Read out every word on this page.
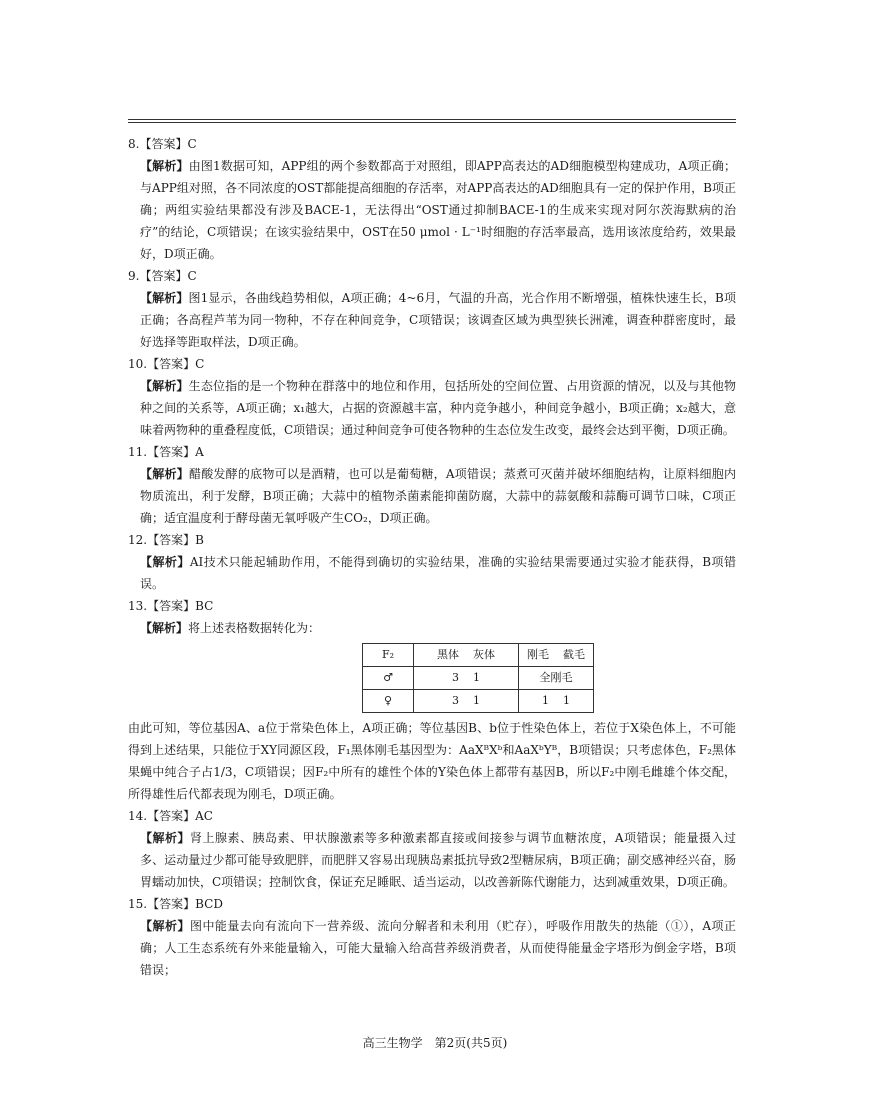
8.【答案】C

【解析】由图1数据可知，APP组的两个参数都高于对照组，即APP高表达的AD细胞模型构建成功，A项正确；与APP组对照，各不同浓度的OST都能提高细胞的存活率，对APP高表达的AD细胞具有一定的保护作用，B项正确；两组实验结果都没有涉及BACE-1，无法得出“OST通过抑制BACE-1的生成来实现对阿尔茨海默病的治疗”的结论，C项错误；在该实验结果中，OST在50 μmol · L⁻¹时细胞的存活率最高，选用该浓度给药，效果最好，D项正确。

9.【答案】C

【解析】图1显示，各曲线趋势相似，A项正确；4~6月，气温的升高，光合作用不断增强，植株快速生长，B项正确；各高程芦苇为同一物种，不存在种间竞争，C项错误；该调查区域为典型狭长洲滩，调查种群密度时，最好选择等距取样法，D项正确。

10.【答案】C

【解析】生态位指的是一个物种在群落中的地位和作用，包括所处的空间位置、占用资源的情况，以及与其他物种之间的关系等，A项正确；x₁越大，占据的资源越丰富，种内竞争越小，种间竞争越小，B项正确；x₂越大，意味着两物种的重叠程度低，C项错误；通过种间竞争可使各物种的生态位发生改变，最终会达到平衡，D项正确。

11.【答案】A

【解析】醋酸发酵的底物可以是酒精，也可以是葡萄糖，A项错误；蒸煮可灭菌并破坏细胞结构，让原料细胞内物质流出，利于发酵，B项正确；大蒜中的植物杀菌素能抑菌防腐，大蒜中的蒜氨酸和蒜酶可调节口味，C项正确；适宜温度利于酵母菌无氧呼吸产生CO₂，D项正确。

12.【答案】B

【解析】AI技术只能起辅助作用，不能得到确切的实验结果，准确的实验结果需要通过实验才能获得，B项错误。

13.【答案】BC

【解析】将上述表格数据转化为：

F₂	黑体 灰体	刚毛 截毛
♂	3 1	全刚毛
♀	3 1	1 1

由此可知，等位基因A、a位于常染色体上，A项正确；等位基因B、b位于性染色体上，若位于X染色体上，不可能得到上述结果，只能位于XY同源区段，F₁黑体刚毛基因型为：AaXᴮXᵇ和AaXᵇYᴮ，B项错误；只考虑体色，F₂黑体果蝇中纯合子占1/3，C项错误；因F₂中所有的雄性个体的Y染色体上都带有基因B，所以F₂中刚毛雌雄个体交配，所得雄性后代都表现为刚毛，D项正确。

14.【答案】AC

【解析】肾上腺素、胰岛素、甲状腺激素等多种激素都直接或间接参与调节血糖浓度，A项错误；能量摄入过多、运动量过少都可能导致肥胖，而肥胖又容易出现胰岛素抵抗导致2型糖尿病，B项正确；副交感神经兴奋，肠胃蠕动加快，C项错误；控制饮食，保证充足睡眠、适当运动，以改善新陈代谢能力，达到减重效果，D项正确。

15.【答案】BCD

【解析】图中能量去向有流向下一营养级、流向分解者和未利用（贮存），呼吸作用散失的热能（①），A项正确；人工生态系统有外来能量输入，可能大量输入给高营养级消费者，从而使得能量金字塔形为倒金字塔，B项错误；

高三生物学　第2页(共5页)
